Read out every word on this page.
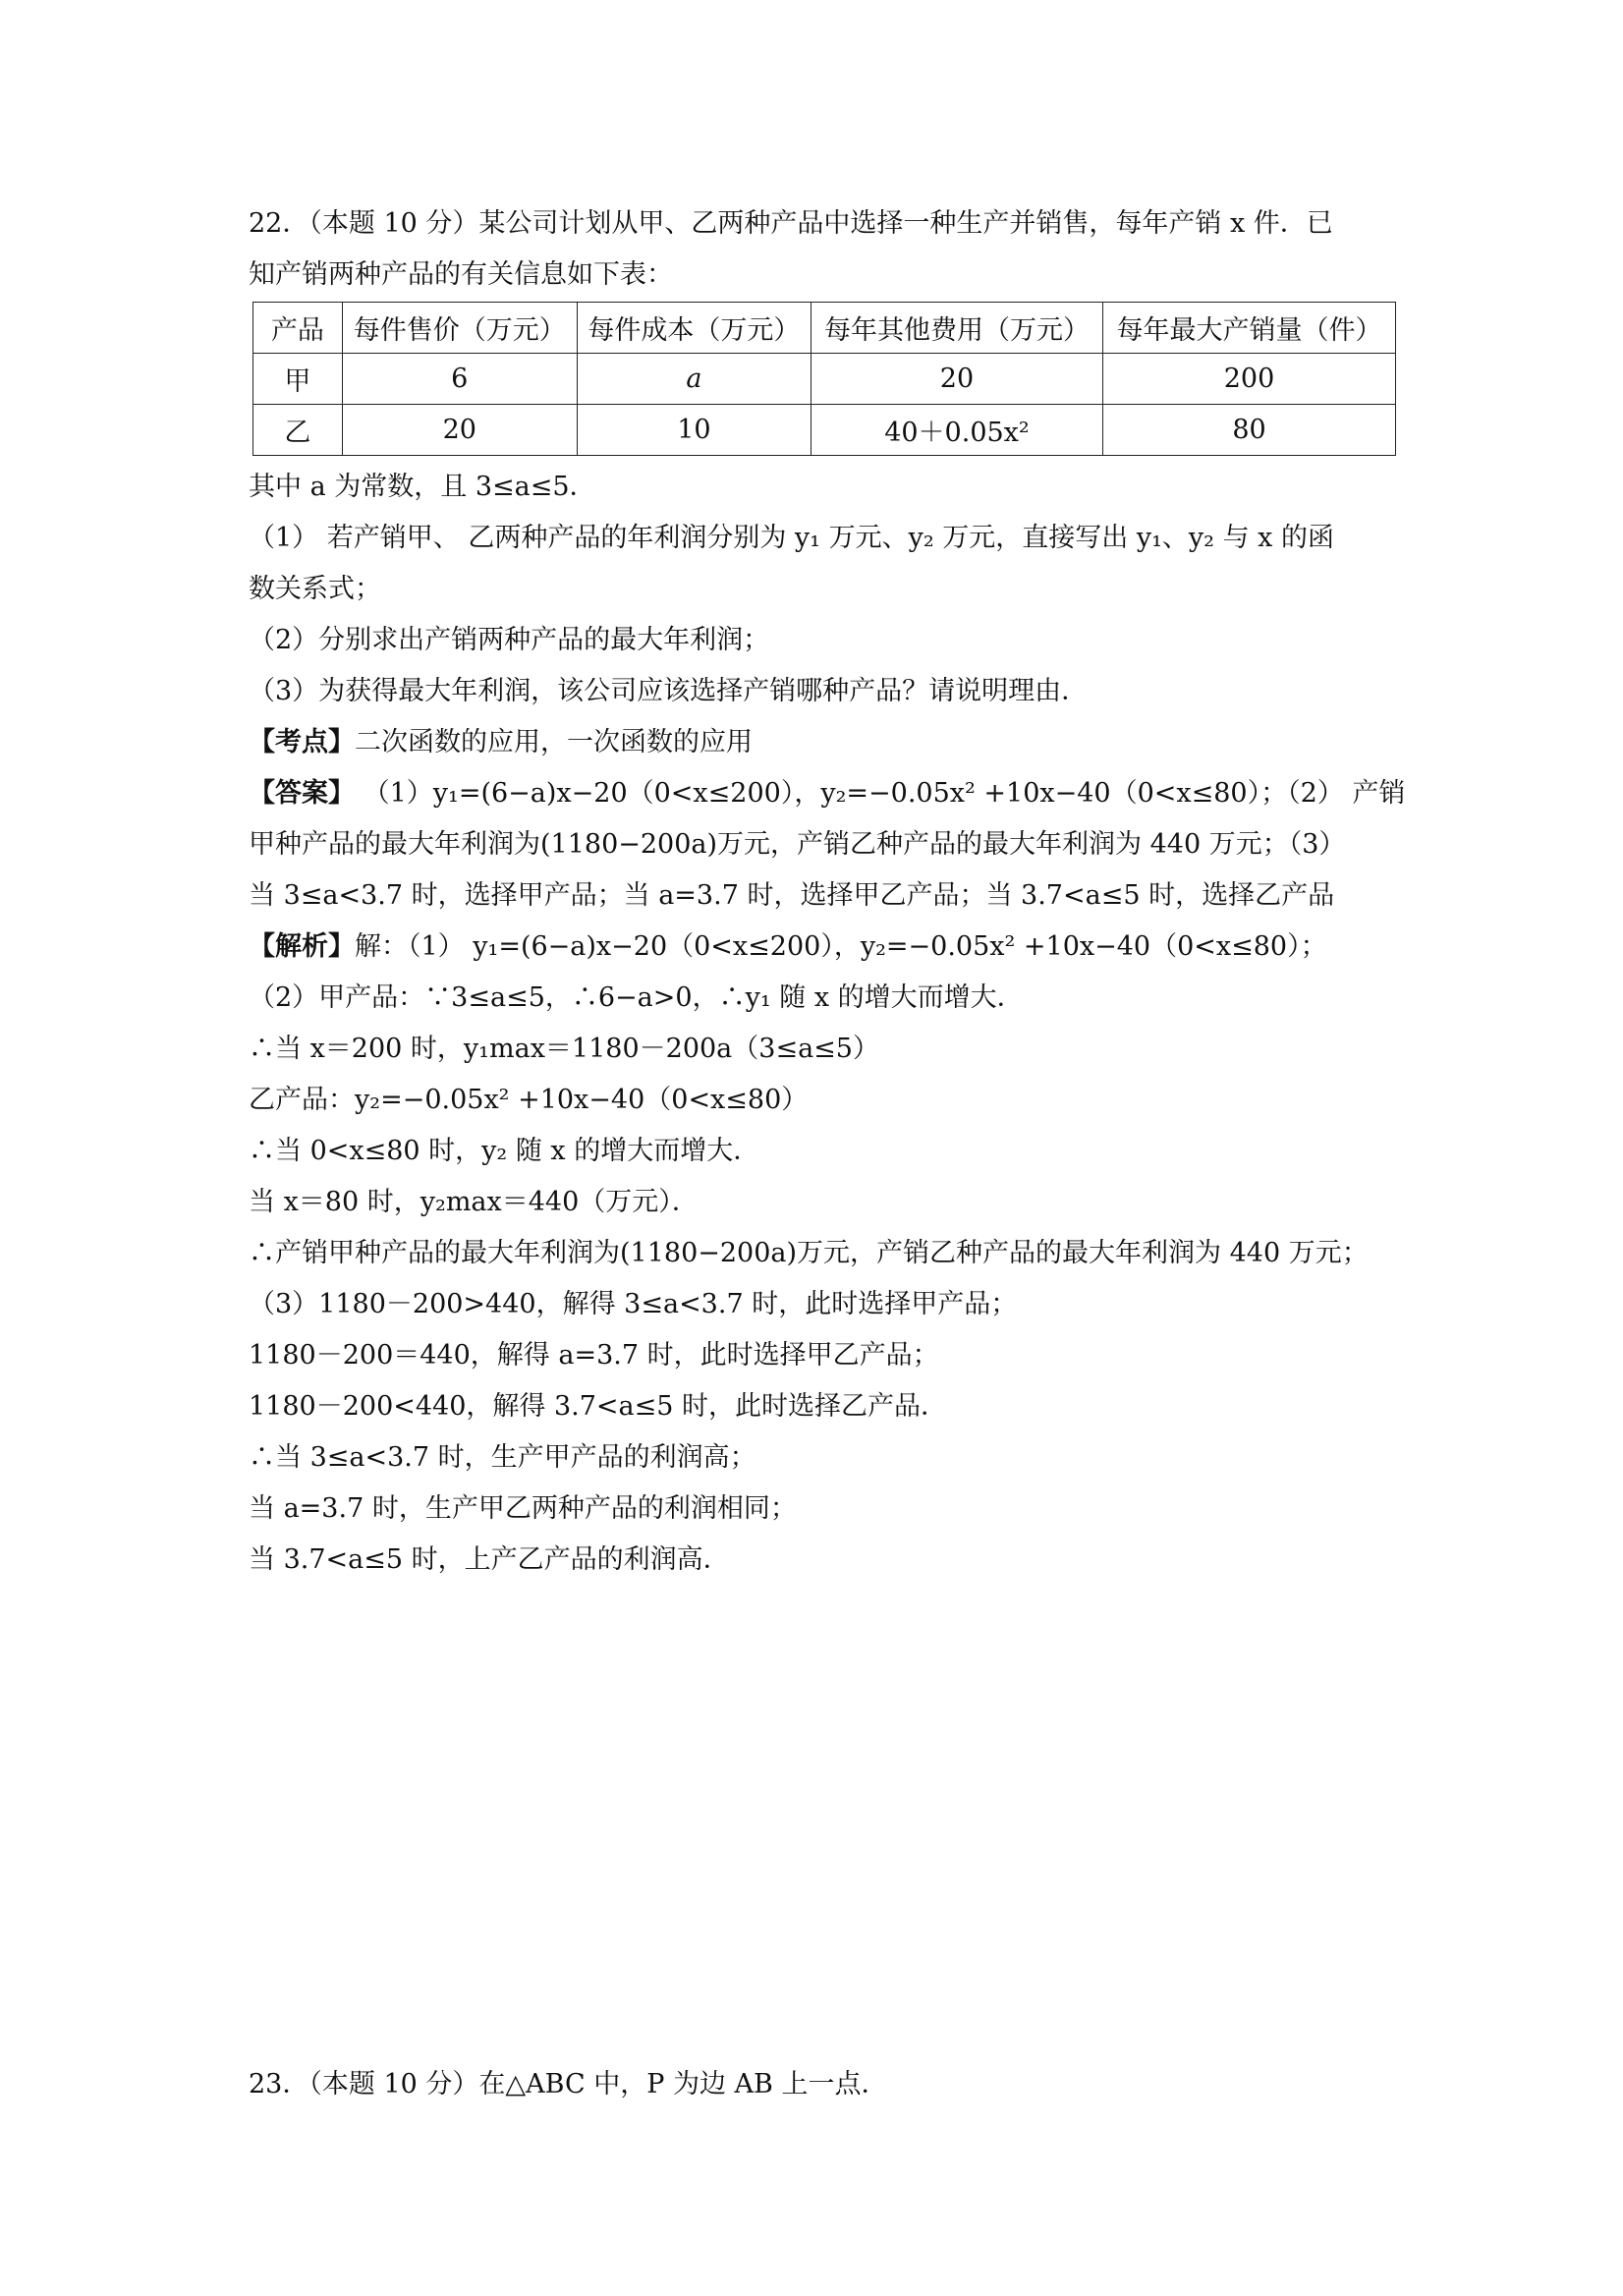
22．（本题 10 分）某公司计划从甲、乙两种产品中选择一种生产并销售，每年产销 x 件．已
知产销两种产品的有关信息如下表：
产品	每件售价（万元）	每件成本（万元）	每年其他费用（万元）	每年最大产销量（件）
甲	6	a	20	200
乙	20	10	40＋0.05x²	80
其中 a 为常数，且 3≤a≤5．
（1） 若产销甲、 乙两种产品的年利润分别为 y₁ 万元、y₂ 万元，直接写出 y₁、y₂ 与 x 的函
数关系式；
（2）分别求出产销两种产品的最大年利润；
（3）为获得最大年利润，该公司应该选择产销哪种产品？请说明理由．
【考点】二次函数的应用，一次函数的应用
【答案】 （1）y₁=(6−a)x−20（0<x≤200），y₂=−0.05x² +10x−40（0<x≤80）；（2） 产销
甲种产品的最大年利润为(1180−200a)万元，产销乙种产品的最大年利润为 440 万元；（3）
当 3≤a<3.7 时，选择甲产品；当 a=3.7 时，选择甲乙产品；当 3.7<a≤5 时，选择乙产品
【解析】解：（1） y₁=(6−a)x−20（0<x≤200），y₂=−0.05x² +10x−40（0<x≤80）；
（2）甲产品：∵3≤a≤5，∴6−a>0，∴y₁ 随 x 的增大而增大．
∴当 x＝200 时，y₁max＝1180－200a（3≤a≤5）
乙产品：y₂=−0.05x² +10x−40（0<x≤80）
∴当 0<x≤80 时，y₂ 随 x 的增大而增大．
当 x＝80 时，y₂max＝440（万元）．
∴产销甲种产品的最大年利润为(1180−200a)万元，产销乙种产品的最大年利润为 440 万元；
（3）1180－200>440，解得 3≤a<3.7 时，此时选择甲产品；
1180－200＝440，解得 a=3.7 时，此时选择甲乙产品；
1180－200<440，解得 3.7<a≤5 时，此时选择乙产品．
∴当 3≤a<3.7 时，生产甲产品的利润高；
当 a=3.7 时，生产甲乙两种产品的利润相同；
当 3.7<a≤5 时，上产乙产品的利润高．
23．（本题 10 分）在△ABC 中，P 为边 AB 上一点．
